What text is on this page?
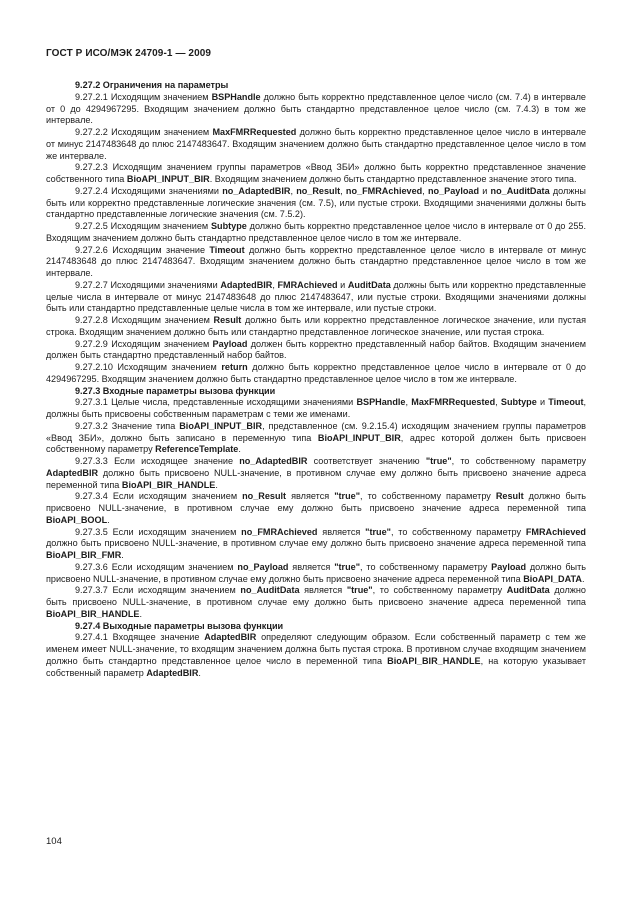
ГОСТ Р ИСО/МЭК 24709-1 — 2009

9.27.2 Ограничения на параметры

9.27.2.1 Исходящим значением BSPHandle должно быть корректно представленное целое число (см. 7.4) в интервале от 0 до 4294967295. Входящим значением должно быть стандартно представленное целое число (см. 7.4.3) в том же интервале.

9.27.2.2 Исходящим значением MaxFMRRequested должно быть корректно представленное целое число в интервале от минус 2147483648 до плюс 2147483647. Входящим значением должно быть стандартно представленное целое число в том же интервале.

9.27.2.3 Исходящим значением группы параметров «Ввод ЗБИ» должно быть корректно представленное значение собственного типа BioAPI_INPUT_BIR. Входящим значением должно быть стандартно представленное значение этого типа.

9.27.2.4 Исходящими значениями no_AdaptedBIR, no_Result, no_FMRAchieved, no_Payload и no_AuditData должны быть или корректно представленные логические значения (см. 7.5), или пустые строки. Входящими значениями должны быть стандартно представленные логические значения (см. 7.5.2).

9.27.2.5 Исходящим значением Subtype должно быть корректно представленное целое число в интервале от 0 до 255. Входящим значением должно быть стандартно представленное целое число в том же интервале.

9.27.2.6 Исходящим значение Timeout должно быть корректно представленное целое число в интервале от минус 2147483648 до плюс 2147483647. Входящим значением должно быть стандартно представленное целое число в том же интервале.

9.27.2.7 Исходящими значениями AdaptedBIR, FMRAchieved и AuditData должны быть или корректно представленные целые числа в интервале от минус 2147483648 до плюс 2147483647, или пустые строки. Входящими значениями должны быть или стандартно представленные целые числа в том же интервале, или пустые строки.

9.27.2.8 Исходящим значением Result должно быть или корректно представленное логическое значение, или пустая строка. Входящим значением должно быть или стандартно представленное логическое значение, или пустая строка.

9.27.2.9 Исходящим значением Payload должен быть корректно представленный набор байтов. Входящим значением должен быть стандартно представленный набор байтов.

9.27.2.10 Исходящим значением return должно быть корректно представленное целое число в интервале от 0 до 4294967295. Входящим значением должно быть стандартно представленное целое число в том же интервале.

9.27.3 Входные параметры вызова функции

9.27.3.1 Целые числа, представленные исходящими значениями BSPHandle, MaxFMRRequested, Subtype и Timeout, должны быть присвоены собственным параметрам с теми же именами.

9.27.3.2 Значение типа BioAPI_INPUT_BIR, представленное (см. 9.2.15.4) исходящим значением группы параметров «Ввод ЗБИ», должно быть записано в переменную типа BioAPI_INPUT_BIR, адрес которой должен быть присвоен собственному параметру ReferenceTemplate.

9.27.3.3 Если исходящее значение no_AdaptedBIR соответствует значению "true", то собственному параметру AdaptedBIR должно быть присвоено NULL-значение, в противном случае ему должно быть присвоено значение адреса переменной типа BioAPI_BIR_HANDLE.

9.27.3.4 Если исходящим значением no_Result является "true", то собственному параметру Result должно быть присвоено NULL-значение, в противном случае ему должно быть присвоено значение адреса переменной типа BioAPI_BOOL.

9.27.3.5 Если исходящим значением no_FMRAchieved является "true", то собственному параметру FMRAchieved должно быть присвоено NULL-значение, в противном случае ему должно быть присвоено значение адреса переменной типа BioAPI_BIR_FMR.

9.27.3.6 Если исходящим значением no_Payload является "true", то собственному параметру Payload должно быть присвоено NULL-значение, в противном случае ему должно быть присвоено значение адреса переменной типа BioAPI_DATA.

9.27.3.7 Если исходящим значением no_AuditData является "true", то собственному параметру AuditData должно быть присвоено NULL-значение, в противном случае ему должно быть присвоено значение адреса переменной типа BioAPI_BIR_HANDLE.

9.27.4 Выходные параметры вызова функции

9.27.4.1 Входящее значение AdaptedBIR определяют следующим образом. Если собственный параметр с тем же именем имеет NULL-значение, то входящим значением должна быть пустая строка. В противном случае входящим значением должно быть стандартно представленное целое число в переменной типа BioAPI_BIR_HANDLE, на которую указывает собственный параметр AdaptedBIR.

104
